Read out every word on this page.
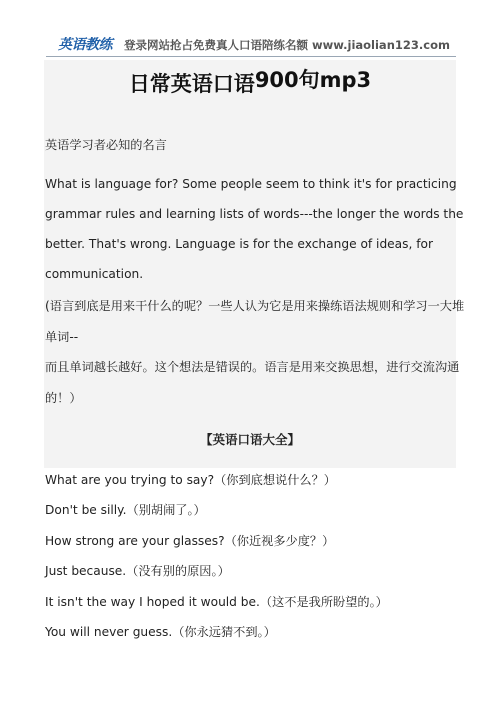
英语教练 登录网站抢占免费真人口语陪练名额 www.jiaolian123.com
日常英语口语900句mp3
英语学习者必知的名言
What is language for? Some people seem to think it's for practicing
grammar rules and learning lists of words---the longer the words the
better. That's wrong. Language is for the exchange of ideas, for
communication.
(语言到底是用来干什么的呢？一些人认为它是用来操练语法规则和学习一大堆
单词--
而且单词越长越好。这个想法是错误的。语言是用来交换思想，进行交流沟通
的！）
【英语口语大全】
What are you trying to say?（你到底想说什么？）
Don't be silly.（别胡闹了。）
How strong are your glasses?（你近视多少度？）
Just because.（没有别的原因。）
It isn't the way I hoped it would be.（这不是我所盼望的。）
You will never guess.（你永远猜不到。）
